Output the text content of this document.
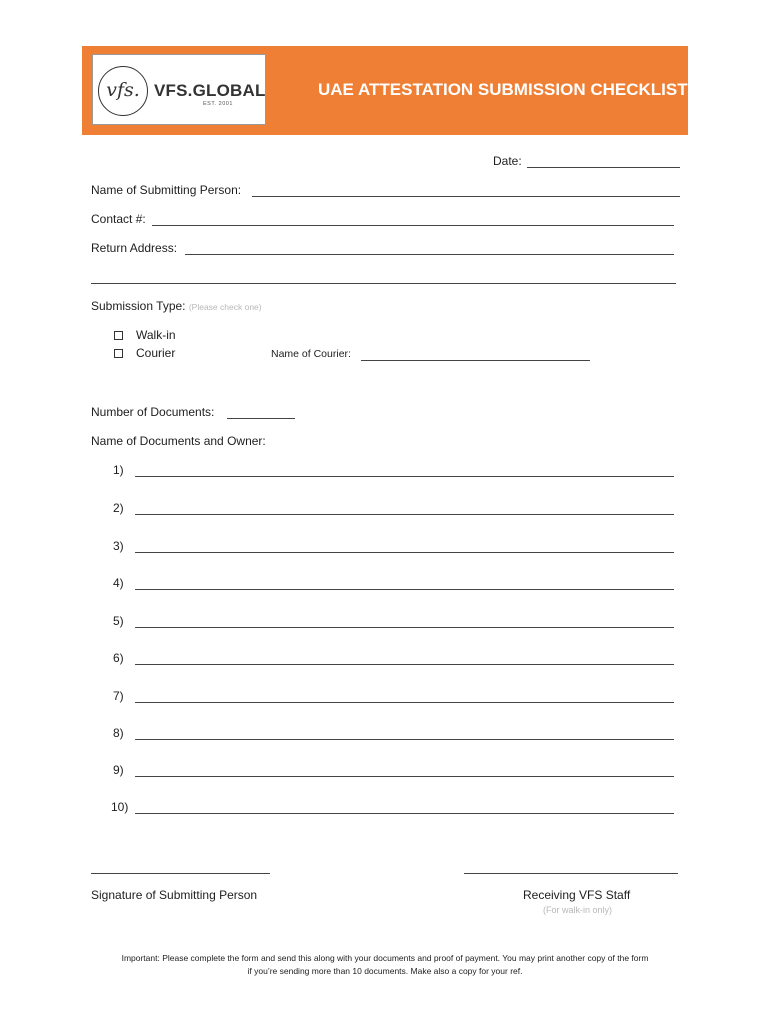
vfs. VFS.GLOBAL
EST. 2001
UAE ATTESTATION SUBMISSION CHECKLIST
Date:
Name of Submitting Person:
Contact #:
Return Address:
Submission Type: (Please check one)
Walk-in
Courier	Name of Courier:
Number of Documents:
Name of Documents and Owner:
1)
2)
3)
4)
5)
6)
7)
8)
9)
10)
Signature of Submitting Person	Receiving VFS Staff
(For walk-in only)
Important: Please complete the form and send this along with your documents and proof of payment. You may print another copy of the form
if you’re sending more than 10 documents. Make also a copy for your ref.
